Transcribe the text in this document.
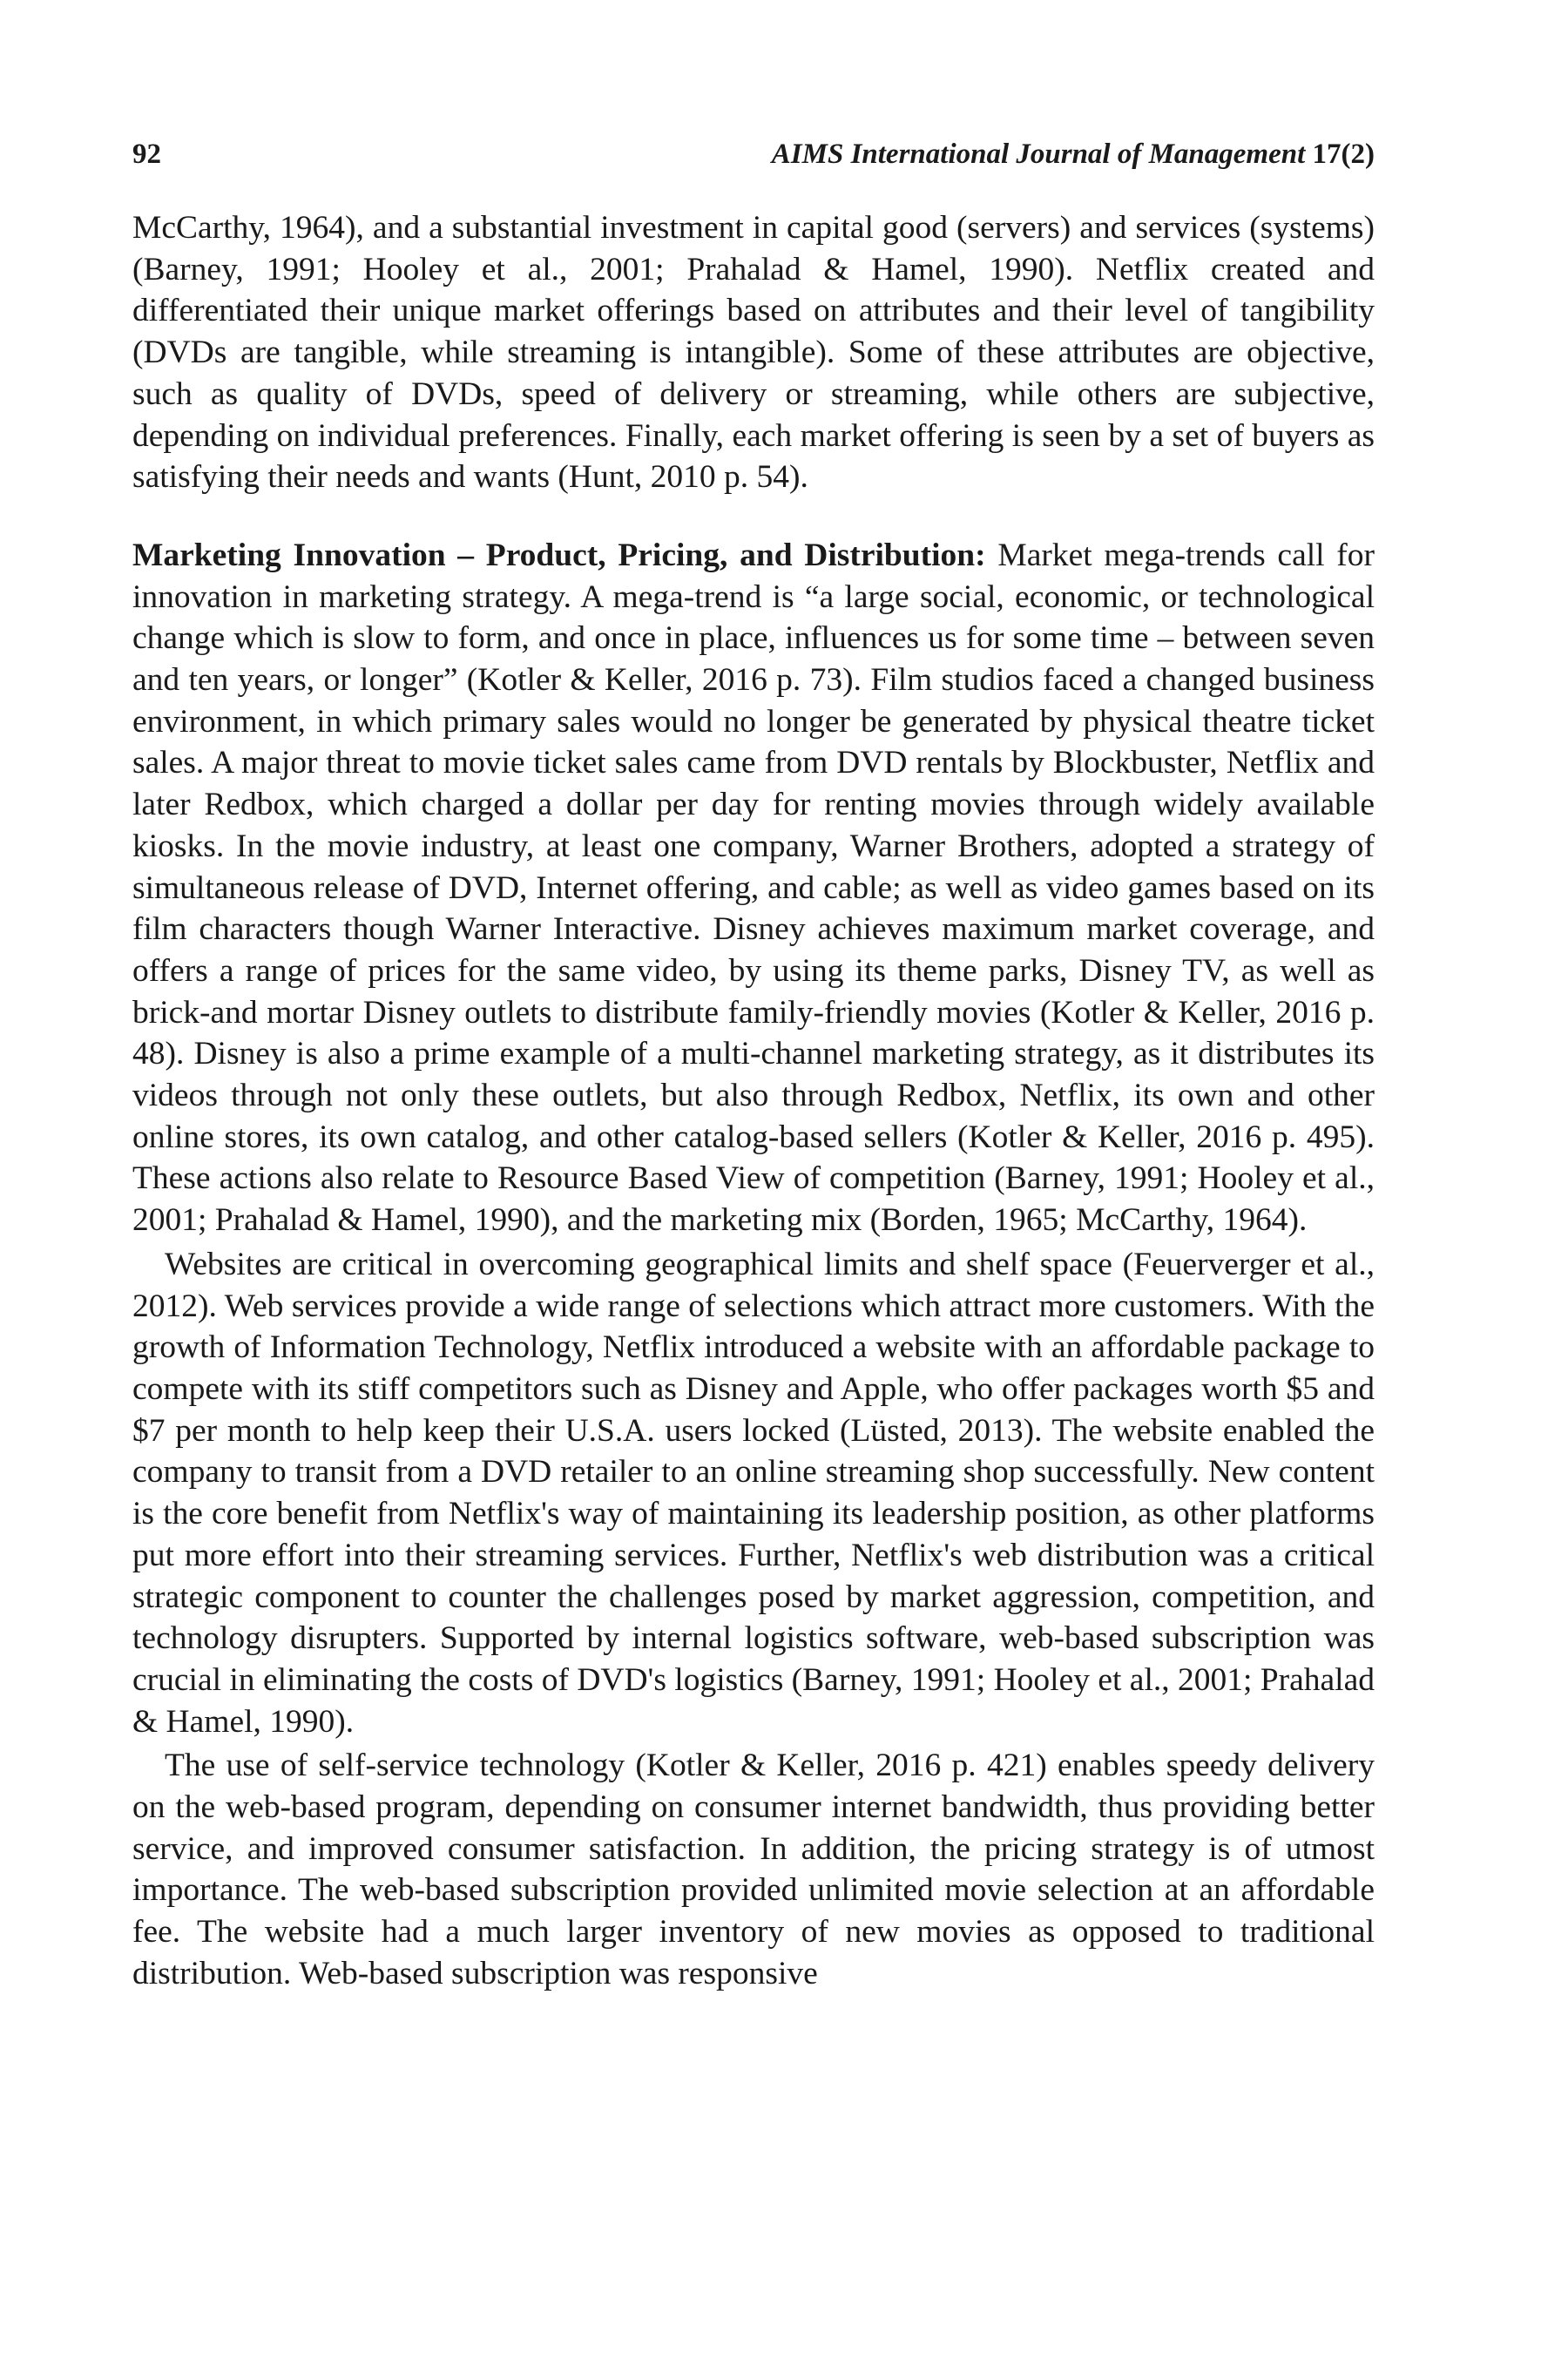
92	AIMS International Journal of Management 17(2)

McCarthy, 1964), and a substantial investment in capital good (servers) and services (systems) (Barney, 1991; Hooley et al., 2001; Prahalad & Hamel, 1990). Netflix created and differentiated their unique market offerings based on attributes and their level of tangibility (DVDs are tangible, while streaming is intangible). Some of these attributes are objective, such as quality of DVDs, speed of delivery or streaming, while others are subjective, depending on individual preferences. Finally, each market offering is seen by a set of buyers as satisfying their needs and wants (Hunt, 2010 p. 54).

Marketing Innovation – Product, Pricing, and Distribution: Market mega-trends call for innovation in marketing strategy. A mega-trend is “a large social, economic, or technological change which is slow to form, and once in place, influences us for some time – between seven and ten years, or longer” (Kotler & Keller, 2016 p. 73). Film studios faced a changed business environment, in which primary sales would no longer be generated by physical theatre ticket sales. A major threat to movie ticket sales came from DVD rentals by Blockbuster, Netflix and later Redbox, which charged a dollar per day for renting movies through widely available kiosks. In the movie industry, at least one company, Warner Brothers, adopted a strategy of simultaneous release of DVD, Internet offering, and cable; as well as video games based on its film characters though Warner Interactive. Disney achieves maximum market coverage, and offers a range of prices for the same video, by using its theme parks, Disney TV, as well as brick-and mortar Disney outlets to distribute family-friendly movies (Kotler & Keller, 2016 p. 48). Disney is also a prime example of a multi-channel marketing strategy, as it distributes its videos through not only these outlets, but also through Redbox, Netflix, its own and other online stores, its own catalog, and other catalog-based sellers (Kotler & Keller, 2016 p. 495). These actions also relate to Resource Based View of competition (Barney, 1991; Hooley et al., 2001; Prahalad & Hamel, 1990), and the marketing mix (Borden, 1965; McCarthy, 1964).

Websites are critical in overcoming geographical limits and shelf space (Feuerverger et al., 2012). Web services provide a wide range of selections which attract more customers. With the growth of Information Technology, Netflix introduced a website with an affordable package to compete with its stiff competitors such as Disney and Apple, who offer packages worth $5 and $7 per month to help keep their U.S.A. users locked (Lüsted, 2013). The website enabled the company to transit from a DVD retailer to an online streaming shop successfully. New content is the core benefit from Netflix's way of maintaining its leadership position, as other platforms put more effort into their streaming services. Further, Netflix's web distribution was a critical strategic component to counter the challenges posed by market aggression, competition, and technology disrupters. Supported by internal logistics software, web-based subscription was crucial in eliminating the costs of DVD's logistics (Barney, 1991; Hooley et al., 2001; Prahalad & Hamel, 1990).

The use of self-service technology (Kotler & Keller, 2016 p. 421) enables speedy delivery on the web-based program, depending on consumer internet bandwidth, thus providing better service, and improved consumer satisfaction. In addition, the pricing strategy is of utmost importance. The web-based subscription provided unlimited movie selection at an affordable fee. The website had a much larger inventory of new movies as opposed to traditional distribution. Web-based subscription was responsive
